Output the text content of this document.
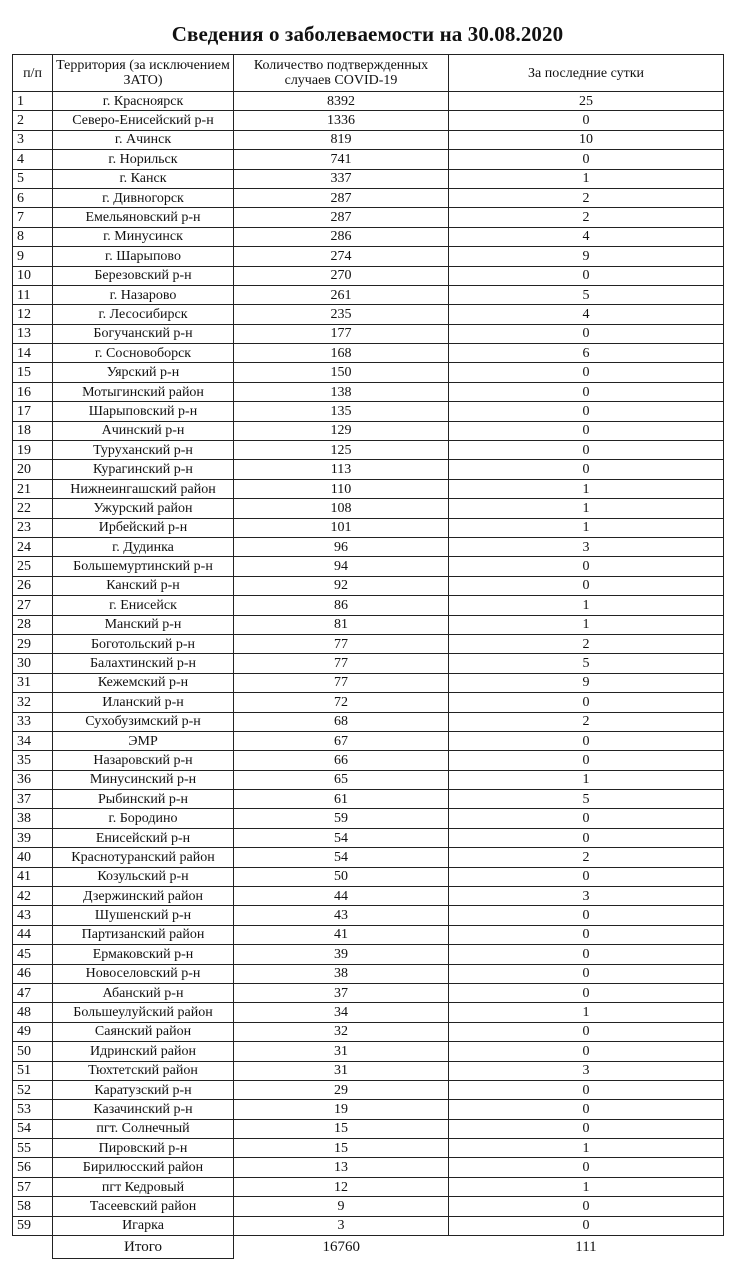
Сведения о заболеваемости на 30.08.2020
п/п	Территория (за исключением ЗАТО)	Количество подтвержденных случаев COVID-19	За последние сутки
1	г. Красноярск	8392	25
2	Северо-Енисейский р-н	1336	0
3	г. Ачинск	819	10
4	г. Норильск	741	0
5	г. Канск	337	1
6	г. Дивногорск	287	2
7	Емельяновский р-н	287	2
8	г. Минусинск	286	4
9	г. Шарыпово	274	9
10	Березовский р-н	270	0
11	г. Назарово	261	5
12	г. Лесосибирск	235	4
13	Богучанский р-н	177	0
14	г. Сосновоборск	168	6
15	Уярский р-н	150	0
16	Мотыгинский район	138	0
17	Шарыповский р-н	135	0
18	Ачинский р-н	129	0
19	Туруханский р-н	125	0
20	Курагинский р-н	113	0
21	Нижнеингашский район	110	1
22	Ужурский район	108	1
23	Ирбейский р-н	101	1
24	г. Дудинка	96	3
25	Большемуртинский р-н	94	0
26	Канский р-н	92	0
27	г. Енисейск	86	1
28	Манский р-н	81	1
29	Боготольский р-н	77	2
30	Балахтинский р-н	77	5
31	Кежемский р-н	77	9
32	Иланский р-н	72	0
33	Сухобузимский р-н	68	2
34	ЭМР	67	0
35	Назаровский р-н	66	0
36	Минусинский р-н	65	1
37	Рыбинский р-н	61	5
38	г. Бородино	59	0
39	Енисейский р-н	54	0
40	Краснотуранский район	54	2
41	Козульский р-н	50	0
42	Дзержинский район	44	3
43	Шушенский р-н	43	0
44	Партизанский район	41	0
45	Ермаковский р-н	39	0
46	Новоселовский р-н	38	0
47	Абанский р-н	37	0
48	Большеулуйский район	34	1
49	Саянский район	32	0
50	Идринский район	31	0
51	Тюхтетский район	31	3
52	Каратузский р-н	29	0
53	Казачинский р-н	19	0
54	пгт. Солнечный	15	0
55	Пировский р-н	15	1
56	Бирилюсский район	13	0
57	пгт Кедровый	12	1
58	Тасеевский район	9	0
59	Игарка	3	0
	Итого	16760	111
